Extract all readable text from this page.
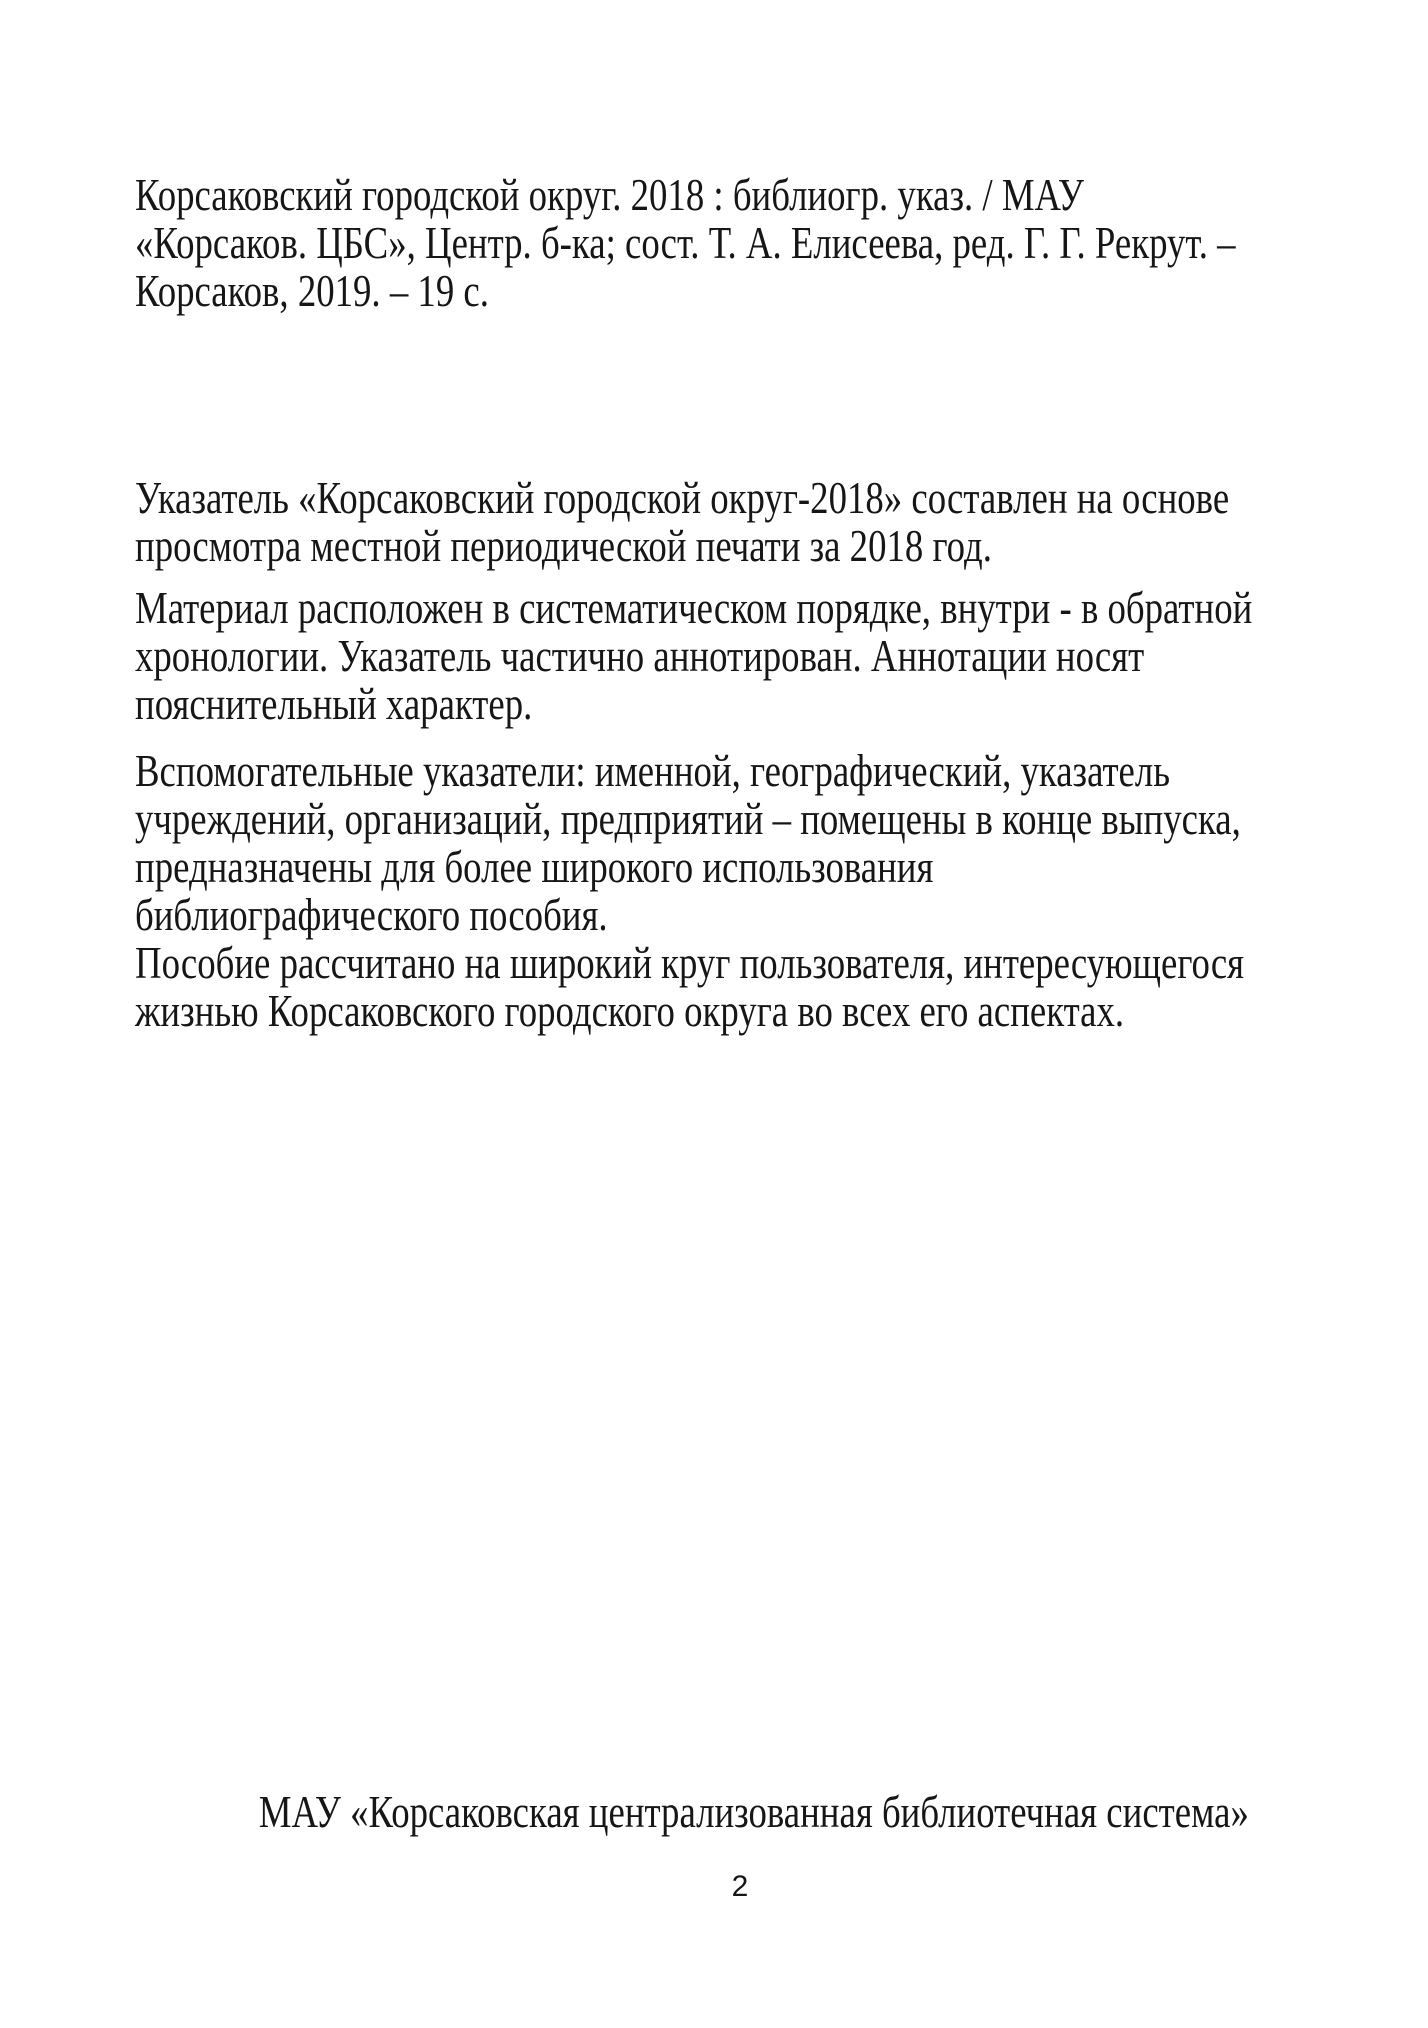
Корсаковский городской округ. 2018 : библиогр. указ. / МАУ
«Корсаков. ЦБС», Центр. б-ка; сост. Т. А. Елисеева, ред. Г. Г. Рекрут. –
Корсаков, 2019. – 19 с.
Указатель «Корсаковский городской округ-2018» составлен на основе
просмотра местной периодической печати за 2018 год.
Материал расположен в систематическом порядке, внутри - в обратной
хронологии. Указатель частично аннотирован. Аннотации носят
пояснительный характер.
Вспомогательные указатели: именной, географический, указатель
учреждений, организаций, предприятий – помещены в конце выпуска,
предназначены для более широкого использования
библиографического пособия.
Пособие рассчитано на широкий круг пользователя, интересующегося
жизнью Корсаковского городского округа во всех его аспектах.
МАУ «Корсаковская централизованная библиотечная система»
2
